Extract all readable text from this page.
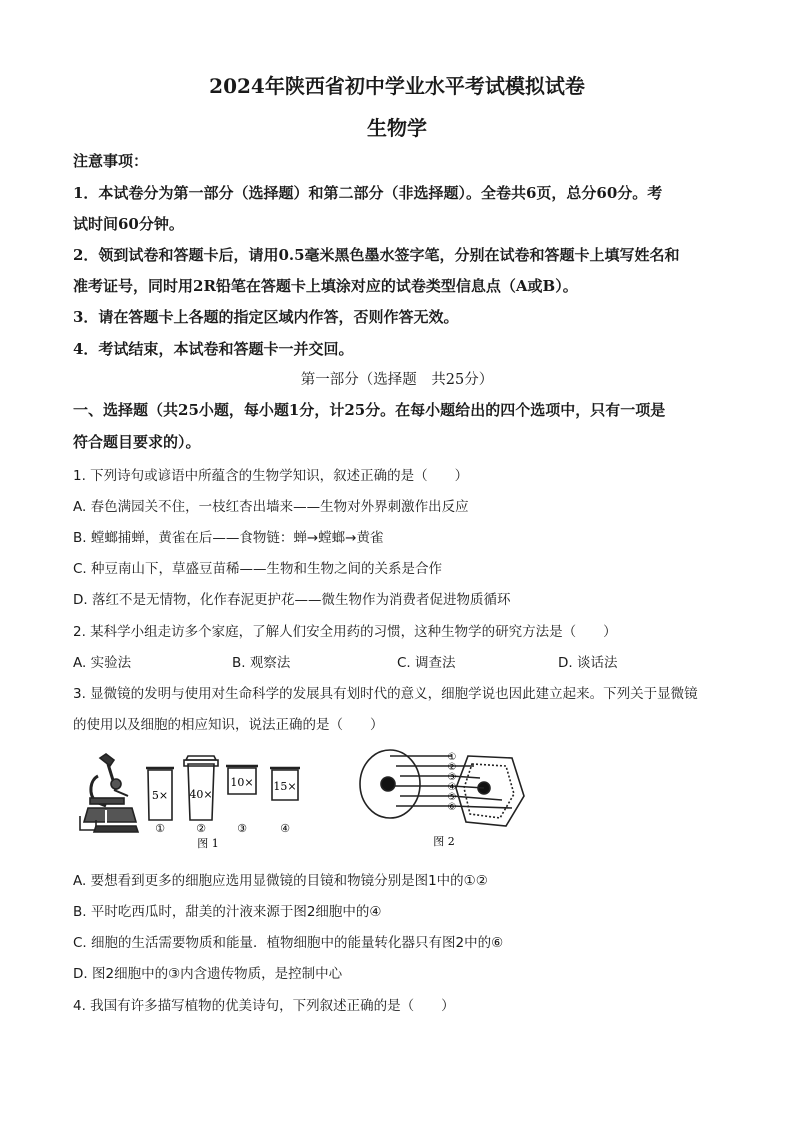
2024年陕西省初中学业水平考试模拟试卷
生物学
注意事项：
1．本试卷分为第一部分（选择题）和第二部分（非选择题）。全卷共6页，总分60分。考
试时间60分钟。
2．领到试卷和答题卡后，请用0.5毫米黑色墨水签字笔，分别在试卷和答题卡上填写姓名和
准考证号，同时用2R铅笔在答题卡上填涂对应的试卷类型信息点（A或B）。
3．请在答题卡上各题的指定区域内作答，否则作答无效。
4．考试结束，本试卷和答题卡一并交回。
第一部分（选择题　共25分）
一、选择题（共25小题，每小题1分，计25分。在每小题给出的四个选项中，只有一项是
符合题目要求的）。
1. 下列诗句或谚语中所蕴含的生物学知识，叙述正确的是（　　）
A. 春色满园关不住，一枝红杏出墙来——生物对外界刺激作出反应
B. 螳螂捕蝉，黄雀在后——食物链：蝉→螳螂→黄雀
C. 种豆南山下，草盛豆苗稀——生物和生物之间的关系是合作
D. 落红不是无情物，化作春泥更护花——微生物作为消费者促进物质循环
2. 某科学小组走访多个家庭，了解人们安全用药的习惯，这种生物学的研究方法是（　　）
A. 实验法	B. 观察法	C. 调查法	D. 谈话法
3. 显微镜的发明与使用对生命科学的发展具有划时代的意义，细胞学说也因此建立起来。下列关于显微镜
的使用以及细胞的相应知识，说法正确的是（　　）
5× 40×
10× 15×
①	②	③	④
图 1
①
②
③
④
⑤
⑥
图 2
A. 要想看到更多的细胞应选用显微镜的目镜和物镜分别是图1中的①②
B. 平时吃西瓜时，甜美的汁液来源于图2细胞中的④
C. 细胞的生活需要物质和能量．植物细胞中的能量转化器只有图2中的⑥
D. 图2细胞中的③内含遗传物质，是控制中心
4. 我国有许多描写植物的优美诗句，下列叙述正确的是（　　）
